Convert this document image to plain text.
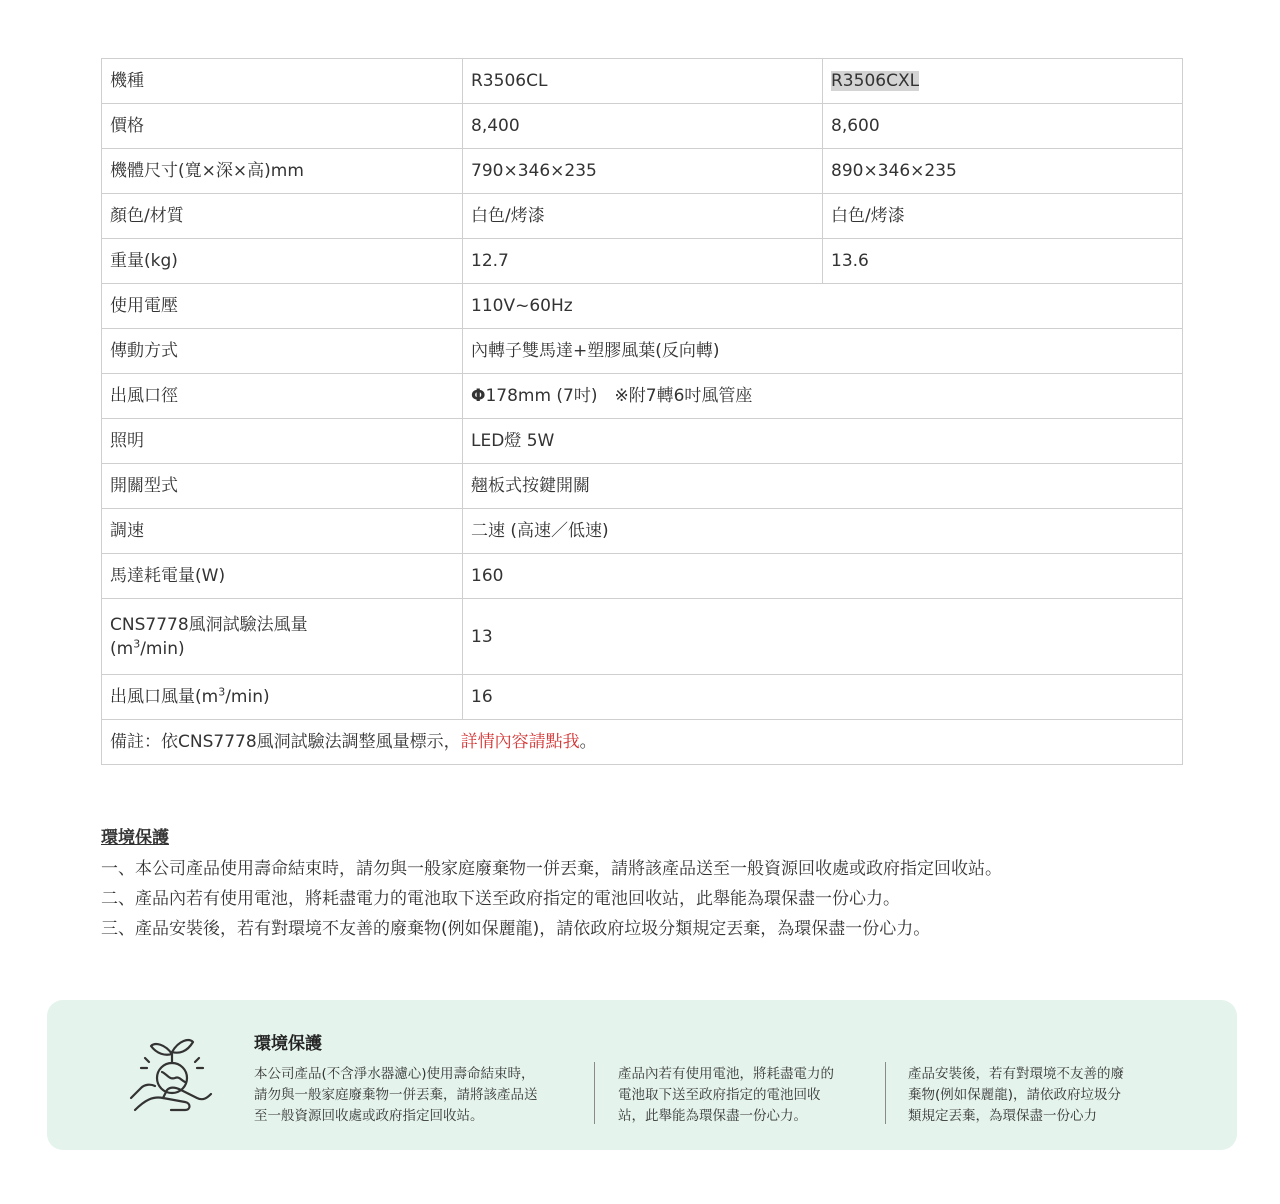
機種	R3506CL	R3506CXL
價格	8,400	8,600
機體尺寸(寬×深×高)mm	790×346×235	890×346×235
顏色/材質	白色/烤漆	白色/烤漆
重量(kg)	12.7	13.6
使用電壓	110V~60Hz	
傳動方式	內轉子雙馬達+塑膠風葉(反向轉)	
出風口徑	Φ178mm (7吋)　※附7轉6吋風管座	
照明	LED燈 5W	
開關型式	翹板式按鍵開關	
調速	二速 (高速／低速)	
馬達耗電量(W)	160	
CNS7778風洞試驗法風量
$(m^3/\min)$	13	
出風口風量$(m^3/\min)$	16	
備註：依CNS7778風洞試驗法調整風量標示，詳情內容請點我。		

環境保護

一、本公司產品使用壽命結束時，請勿與一般家庭廢棄物一併丟棄，請將該產品送至一般資源回收處或政府指定回收站。

二、產品內若有使用電池，將耗盡電力的電池取下送至政府指定的電池回收站，此舉能為環保盡一份心力。

三、產品安裝後，若有對環境不友善的廢棄物(例如保麗龍)，請依政府垃圾分類規定丟棄，為環保盡一份心力。

環境保護

本公司產品(不含淨水器濾心)使用壽命結束時，
請勿與一般家庭廢棄物一併丟棄，請將該產品送
至一般資源回收處或政府指定回收站。
產品內若有使用電池，將耗盡電力的
電池取下送至政府指定的電池回收
站，此舉能為環保盡一份心力。
產品安裝後，若有對環境不友善的廢
棄物(例如保麗龍)，請依政府垃圾分
類規定丟棄，為環保盡一份心力
